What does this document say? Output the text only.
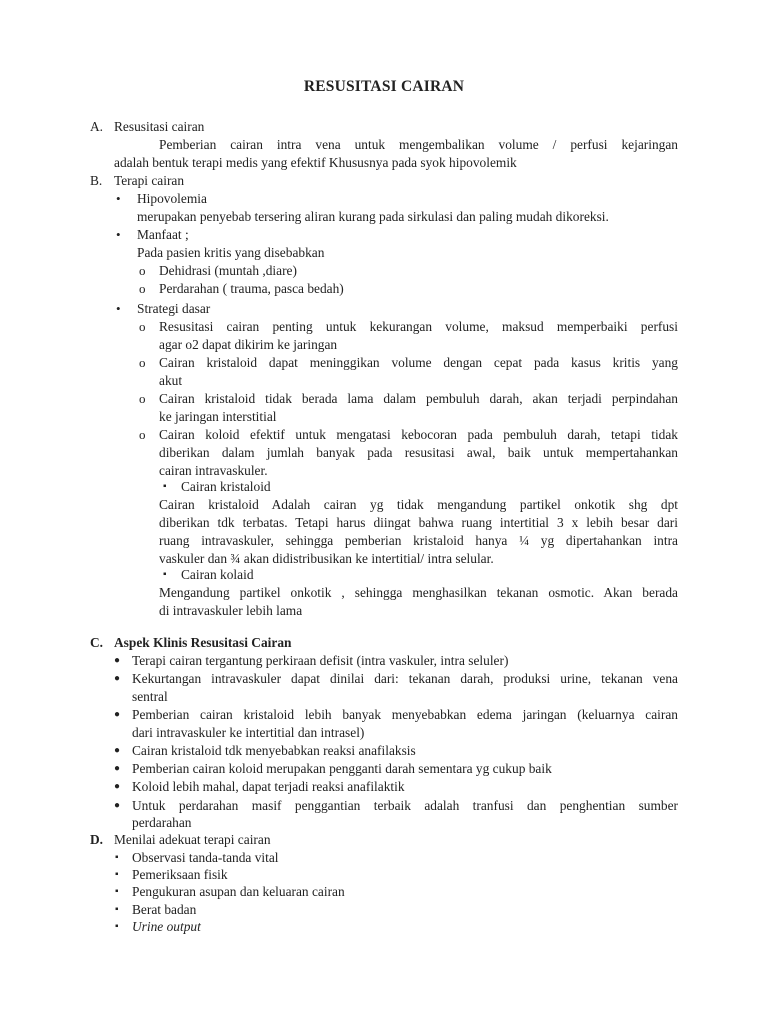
RESUSITASI CAIRAN
A. Resusitasi cairan
Pemberian cairan intra vena untuk mengembalikan volume / perfusi kejaringan
adalah bentuk terapi medis yang efektif Khususnya pada syok hipovolemik
B. Terapi cairan
• Hipovolemia
merupakan penyebab tersering aliran kurang pada sirkulasi dan paling mudah dikoreksi.
• Manfaat ;
Pada pasien kritis yang disebabkan
o Dehidrasi (muntah ,diare)
o Perdarahan ( trauma, pasca bedah)
• Strategi dasar
o Resusitasi cairan penting untuk kekurangan volume, maksud memperbaiki perfusi
agar o2 dapat dikirim ke jaringan
o Cairan kristaloid dapat meninggikan volume dengan cepat pada kasus kritis yang
akut
o Cairan kristaloid tidak berada lama dalam pembuluh darah, akan terjadi perpindahan
ke jaringan interstitial
o Cairan koloid efektif untuk mengatasi kebocoran pada pembuluh darah, tetapi tidak
diberikan dalam jumlah banyak pada resusitasi awal, baik untuk mempertahankan
cairan intravaskuler.
▪ Cairan kristaloid
Cairan kristaloid Adalah cairan yg tidak mengandung partikel onkotik shg dpt
diberikan tdk terbatas. Tetapi harus diingat bahwa ruang intertitial 3 x lebih besar dari
ruang intravaskuler, sehingga pemberian kristaloid hanya ¼ yg dipertahankan intra
vaskuler dan ¾ akan didistribusikan ke intertitial/ intra selular.
▪ Cairan kolaid
Mengandung partikel onkotik , sehingga menghasilkan tekanan osmotic. Akan berada
di intravaskuler lebih lama
C. Aspek Klinis Resusitasi Cairan
● Terapi cairan tergantung perkiraan defisit (intra vaskuler, intra seluler)
● Kekurtangan intravaskuler dapat dinilai dari: tekanan darah, produksi urine, tekanan vena
sentral
● Pemberian cairan kristaloid lebih banyak menyebabkan edema jaringan (keluarnya cairan
dari intravaskuler ke intertitial dan intrasel)
● Cairan kristaloid tdk menyebabkan reaksi anafilaksis
● Pemberian cairan koloid merupakan pengganti darah sementara yg cukup baik
● Koloid lebih mahal, dapat terjadi reaksi anafilaktik
● Untuk perdarahan masif penggantian terbaik adalah tranfusi dan penghentian sumber
perdarahan
D. Menilai adekuat terapi cairan
▪ Observasi tanda-tanda vital
▪ Pemeriksaan fisik
▪ Pengukuran asupan dan keluaran cairan
▪ Berat badan
▪ Urine output
